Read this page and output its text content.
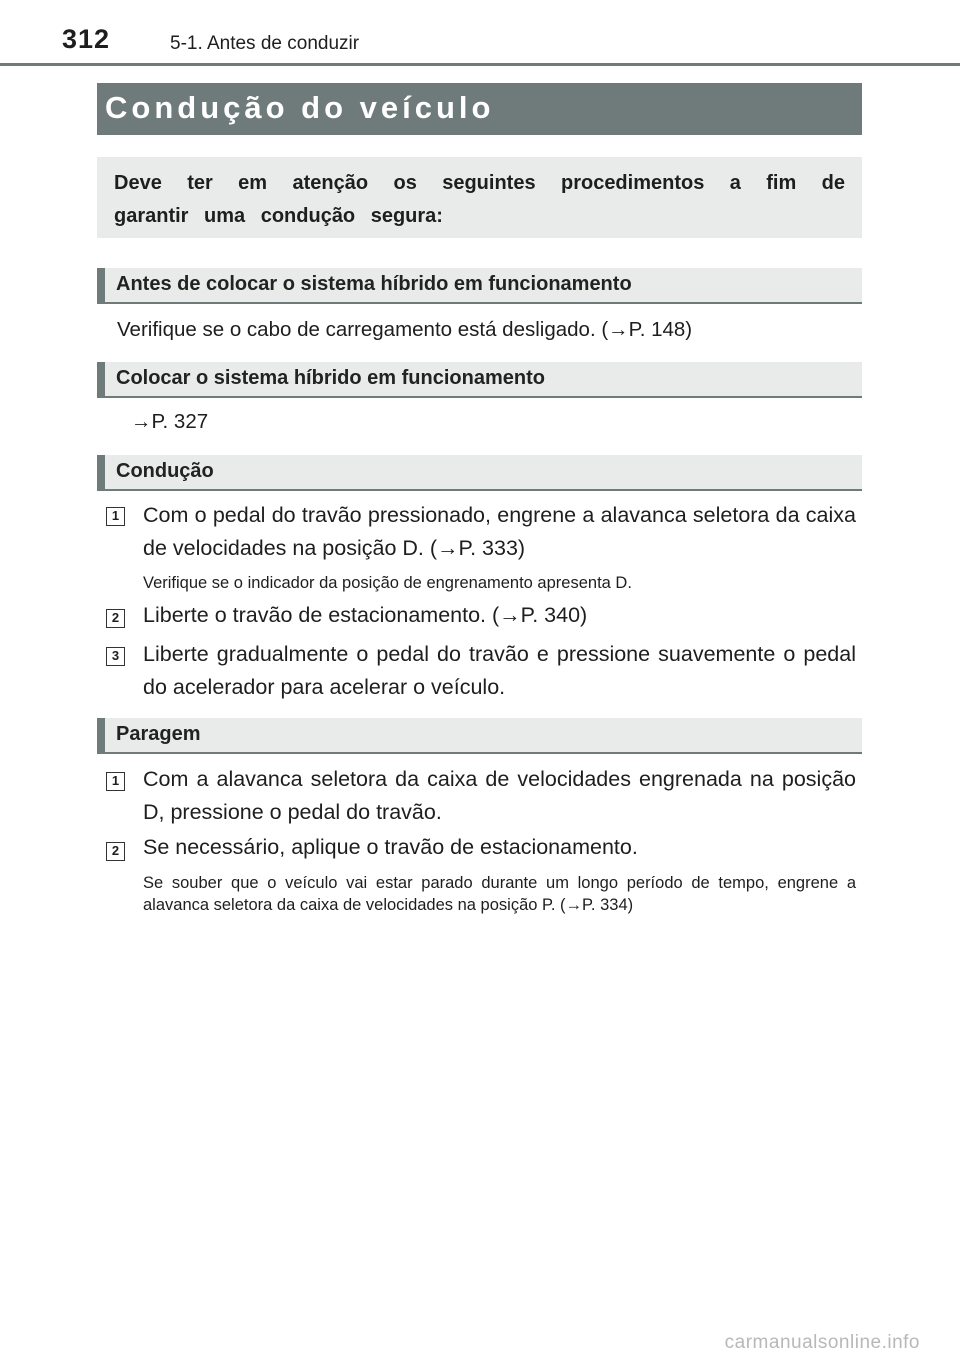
312	5-1. Antes de conduzir
Condução do veículo

Deve ter em atenção os seguintes procedimentos a fim de garantir uma condução segura:

Antes de colocar o sistema híbrido em funcionamento
Verifique se o cabo de carregamento está desligado. (→P. 148)
Colocar o sistema híbrido em funcionamento
→P. 327
Condução
1 Com o pedal do travão pressionado, engrene a alavanca seletora da caixa de velocidades na posição D. (→P. 333)

Verifique se o indicador da posição de engrenamento apresenta D.

2 Liberte o travão de estacionamento. (→P. 340)

3 Liberte gradualmente o pedal do travão e pressione suavemente o pedal do acelerador para acelerar o veículo.

Paragem
1 Com a alavanca seletora da caixa de velocidades engrenada na posição D, pressione o pedal do travão.

2 Se necessário, aplique o travão de estacionamento.

Se souber que o veículo vai estar parado durante um longo período de tempo, engrene a alavanca seletora da caixa de velocidades na posição P. (→P. 334)

carmanualsonline.info
